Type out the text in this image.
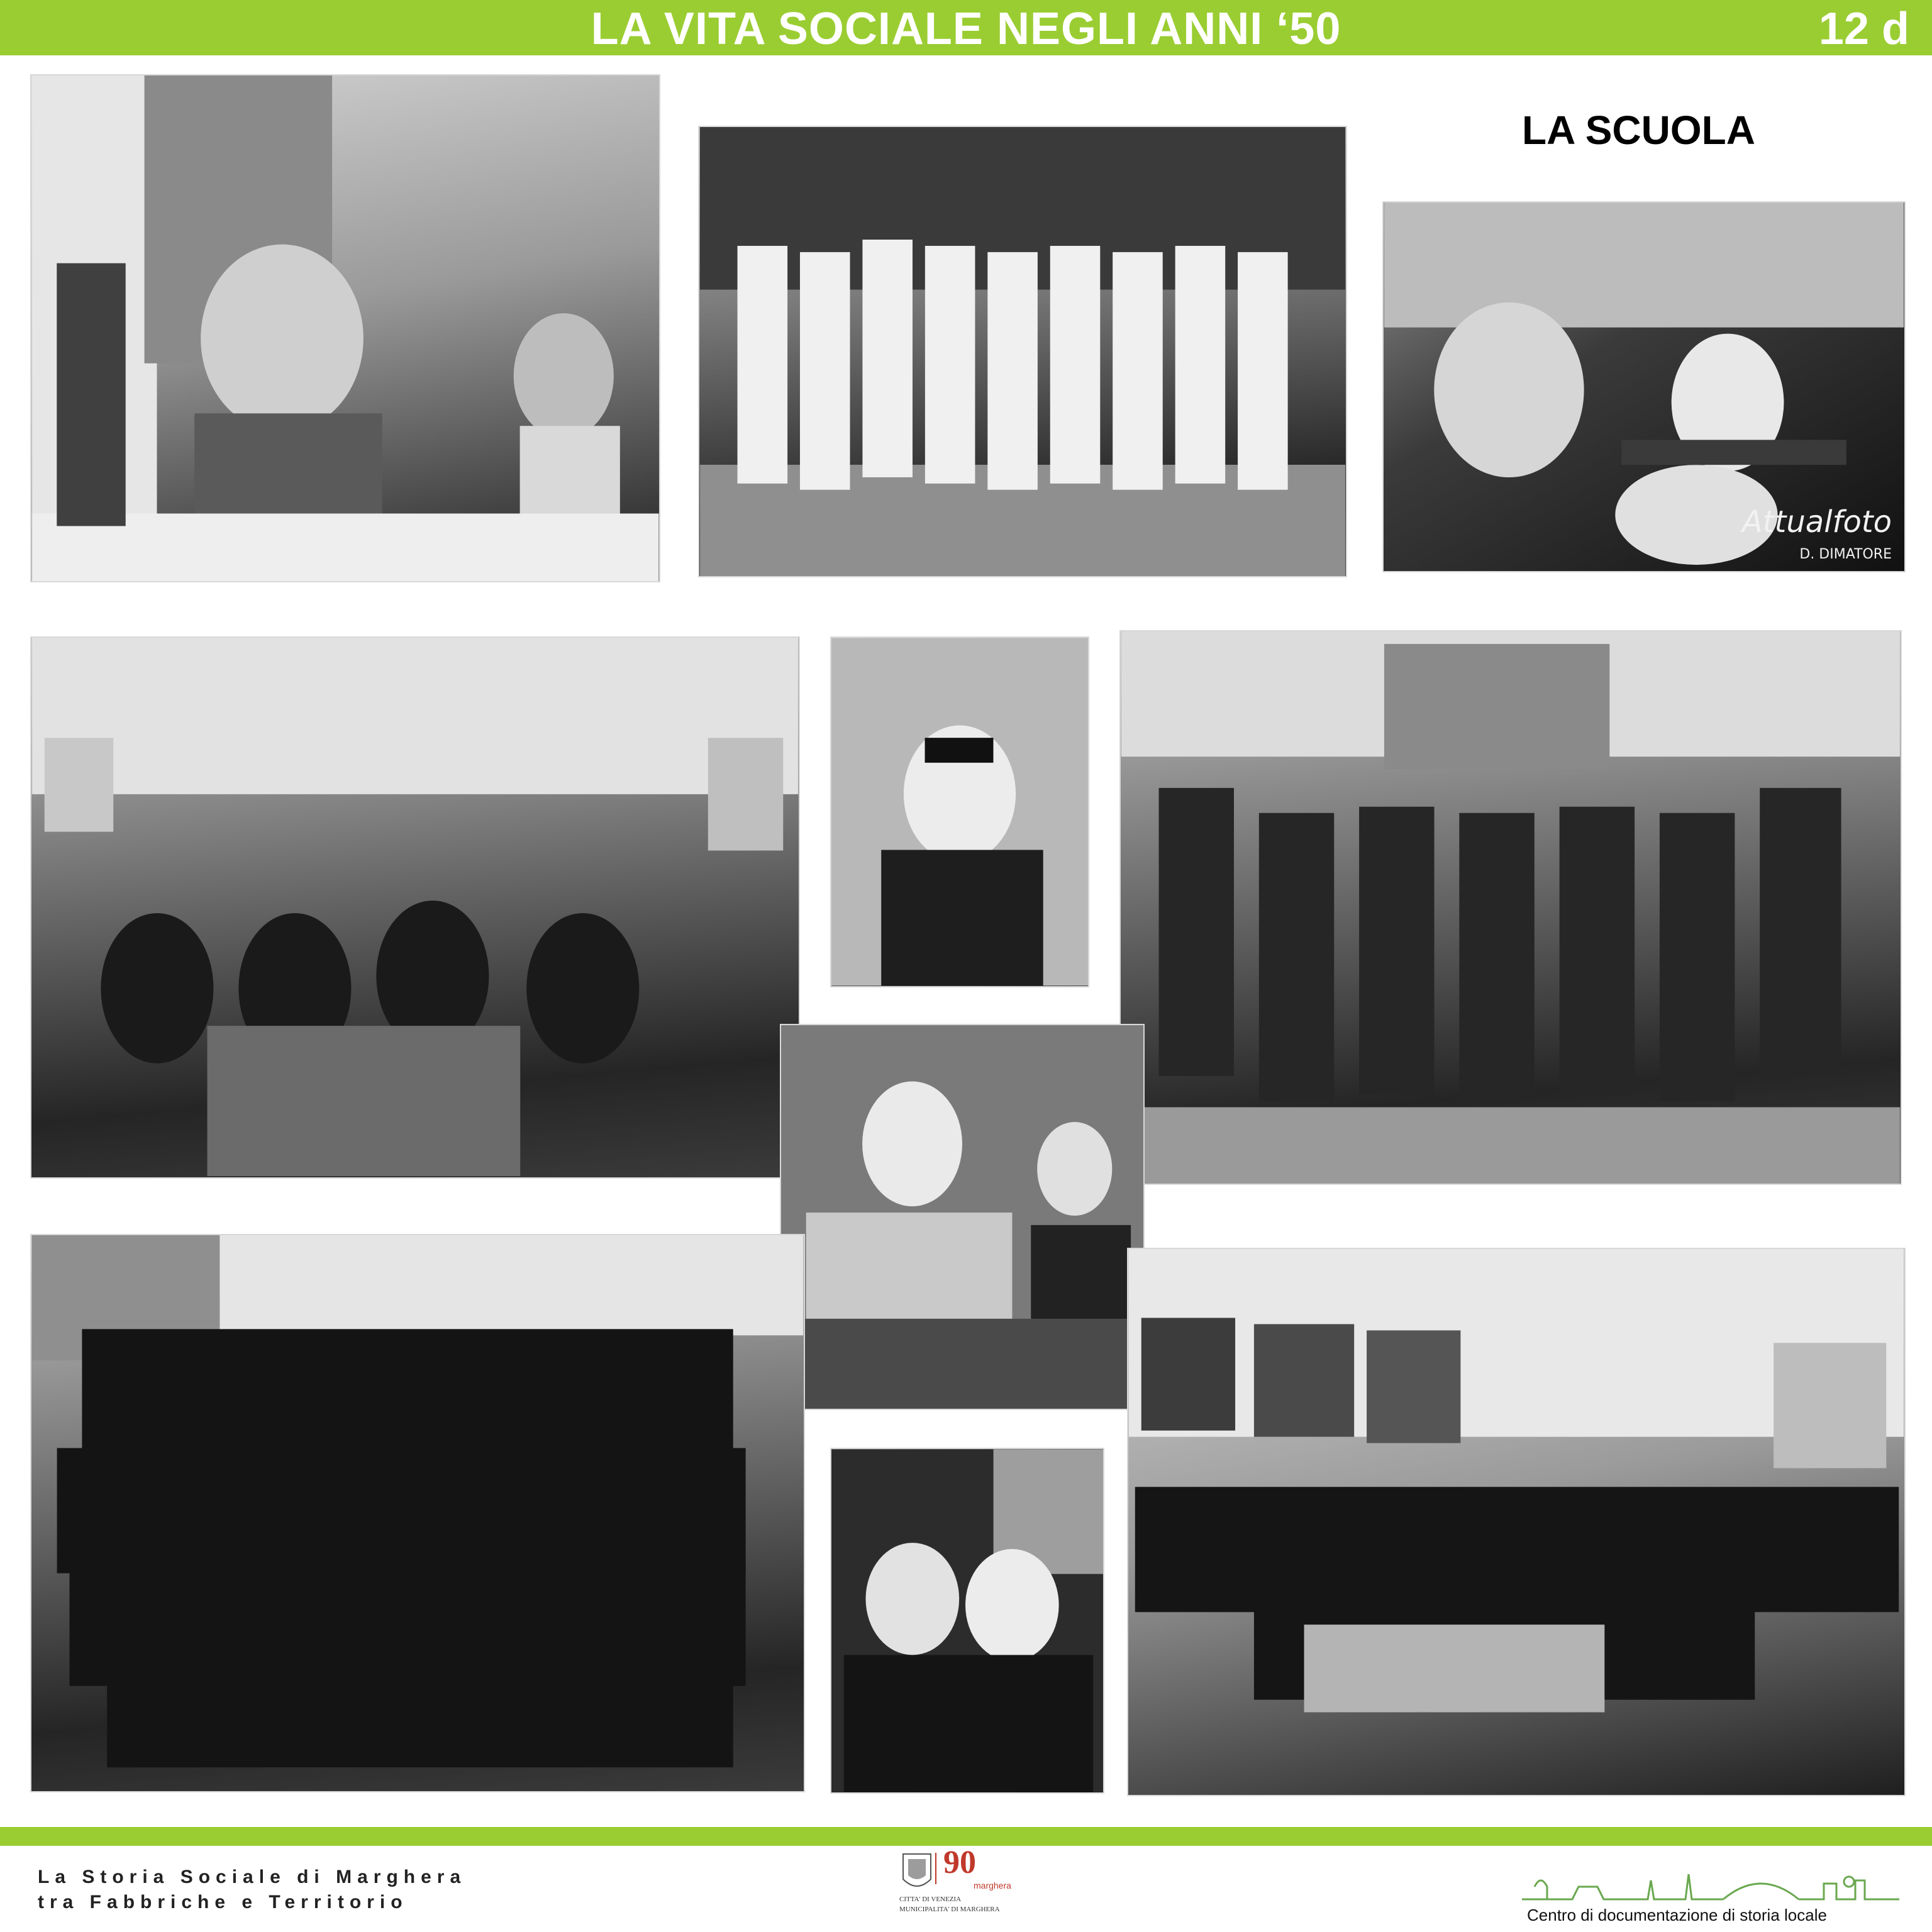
LA VITA SOCIALE NEGLI ANNI ‘50	12 d
LA SCUOLA
Attualfoto
D. DIMATORE
La Storia Sociale di Marghera
tra Fabbriche e Territorio
90
marghera
CITTA' DI VENEZIA
MUNICIPALITA' DI MARGHERA	Centro di documentazione di storia locale
